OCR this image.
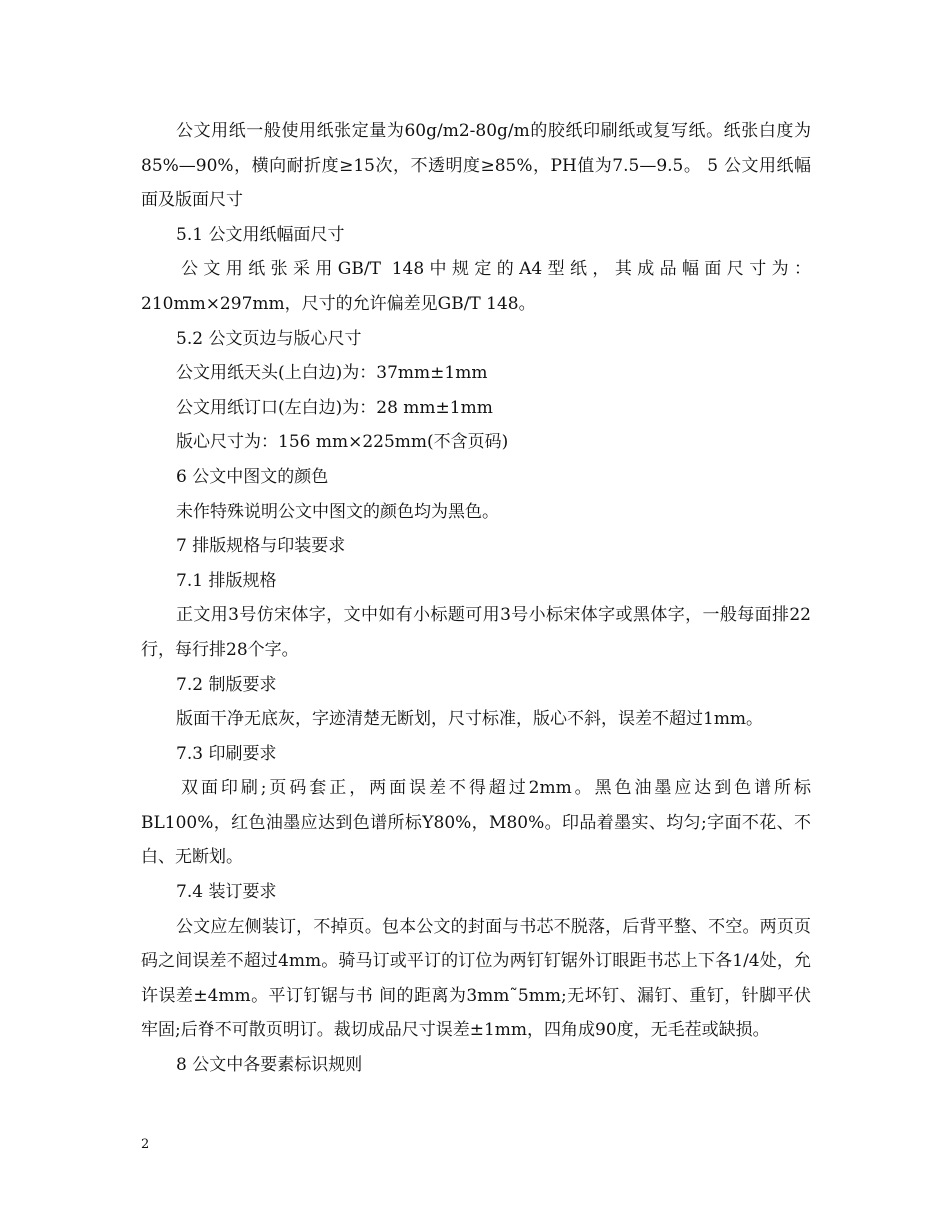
公文用纸一般使用纸张定量为60g/m2-80g/m的胶纸印刷纸或复写纸。纸张白度为85%—90%，横向耐折度≥15次，不透明度≥85%，PH值为7.5—9.5。 5 公文用纸幅面及版面尺寸

5.1 公文用纸幅面尺寸

公文用纸张采用GB/T 148中规定的A4型纸，其成品幅面尺寸为：210mm×297mm，尺寸的允许偏差见GB/T 148。

5.2 公文页边与版心尺寸

公文用纸天头(上白边)为：37mm±1mm

公文用纸订口(左白边)为：28 mm±1mm

版心尺寸为：156 mm×225mm(不含页码)

6 公文中图文的颜色

未作特殊说明公文中图文的颜色均为黑色。

7 排版规格与印装要求

7.1 排版规格

正文用3号仿宋体字，文中如有小标题可用3号小标宋体字或黑体字，一般每面排22行，每行排28个字。

7.2 制版要求

版面干净无底灰，字迹清楚无断划，尺寸标准，版心不斜，误差不超过1mm。

7.3 印刷要求

双面印刷;页码套正，两面误差不得超过2mm。黑色油墨应达到色谱所标BL100%，红色油墨应达到色谱所标Y80%，M80%。印品着墨实、均匀;字面不花、不白、无断划。

7.4 装订要求

公文应左侧装订，不掉页。包本公文的封面与书芯不脱落，后背平整、不空。两页页码之间误差不超过4mm。骑马订或平订的订位为两钉钉锯外订眼距书芯上下各1/4处，允许误差±4mm。平订钉锯与书 间的距离为3mm˜5mm;无坏钉、漏钉、重钉，针脚平伏牢固;后脊不可散页明订。裁切成品尺寸误差±1mm，四角成90度，无毛茬或缺损。

8 公文中各要素标识规则

2
